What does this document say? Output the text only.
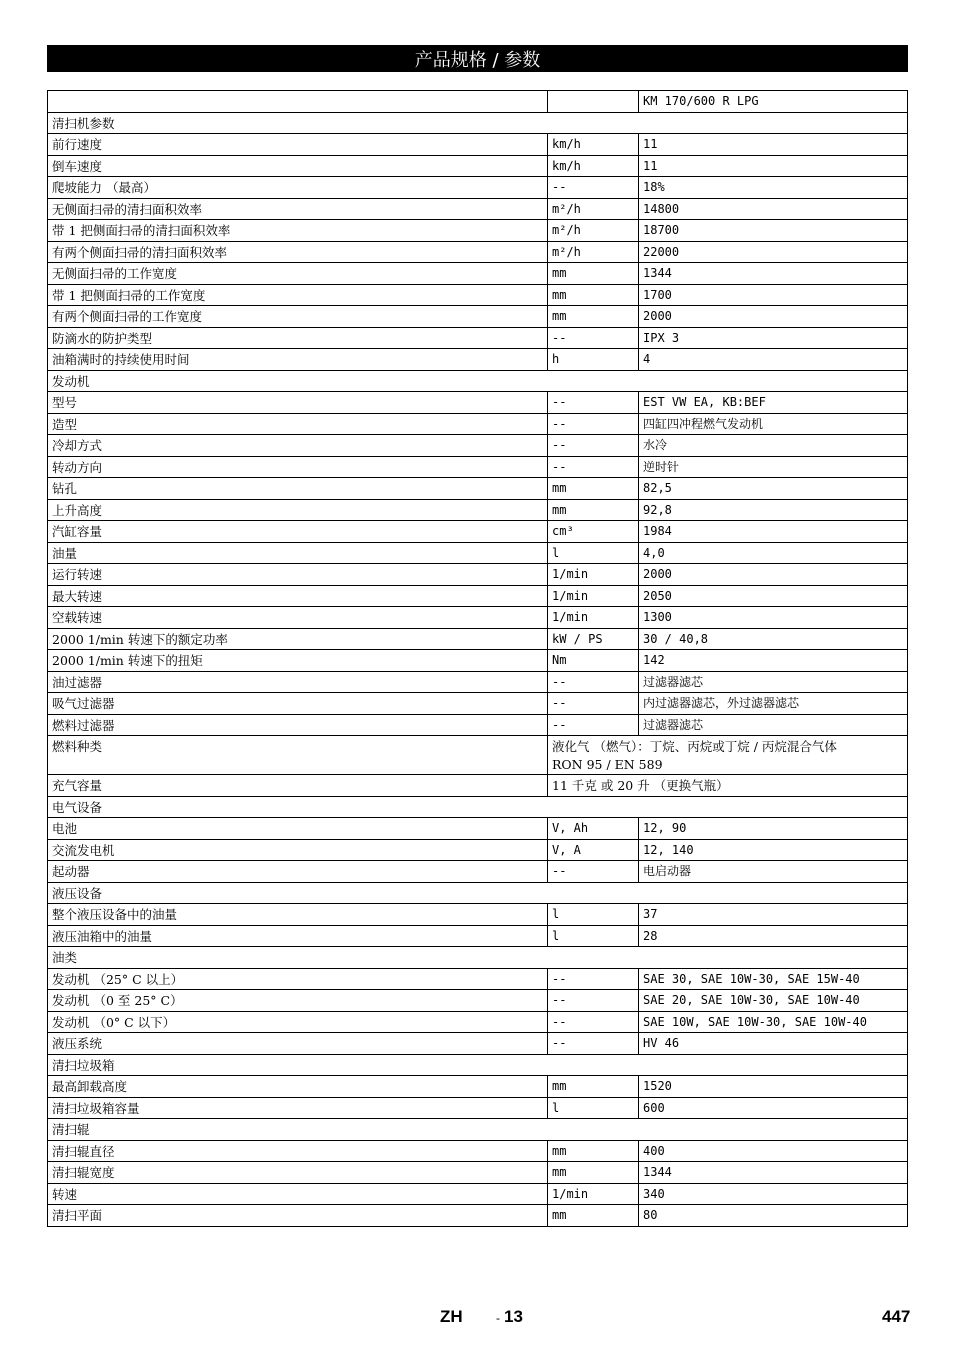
产品规格 / 参数
		KM 170/600 R LPG
清扫机参数		
前行速度	km/h	11
倒车速度	km/h	11
爬坡能力 （最高）	--	18%
无侧面扫帚的清扫面积效率	m²/h	14800
带 1 把侧面扫帚的清扫面积效率	m²/h	18700
有两个侧面扫帚的清扫面积效率	m²/h	22000
无侧面扫帚的工作宽度	mm	1344
带 1 把侧面扫帚的工作宽度	mm	1700
有两个侧面扫帚的工作宽度	mm	2000
防滴水的防护类型	--	IPX 3
油箱满时的持续使用时间	h	4
发动机		
型号	--	EST VW EA, KB:BEF
造型	--	四缸四冲程燃气发动机
冷却方式	--	水冷
转动方向	--	逆时针
钻孔	mm	82,5
上升高度	mm	92,8
汽缸容量	cm³	1984
油量	l	4,0
运行转速	1/min	2000
最大转速	1/min	2050
空载转速	1/min	1300
2000 1/min 转速下的额定功率	kW / PS	30 / 40,8
2000 1/min 转速下的扭矩	Nm	142
油过滤器	--	过滤器滤芯
吸气过滤器	--	内过滤器滤芯，外过滤器滤芯
燃料过滤器	--	过滤器滤芯
燃料种类	液化气 （燃气）：丁烷、丙烷或丁烷 / 丙烷混合气体
RON 95 / EN 589	

充气容量	11 千克 或 20 升 （更换气瓶）	

电气设备		
电池	V, Ah	12, 90
交流发电机	V, A	12, 140
起动器	--	电启动器
液压设备		
整个液压设备中的油量	l	37
液压油箱中的油量	l	28
油类		
发动机 （25° C 以上）	--	SAE 30, SAE 10W-30, SAE 15W-40
发动机 （0 至 25° C）	--	SAE 20, SAE 10W-30, SAE 10W-40
发动机 （0° C 以下）	--	SAE 10W, SAE 10W-30, SAE 10W-40
液压系统	--	HV 46
清扫垃圾箱		
最高卸载高度	mm	1520
清扫垃圾箱容量	l	600
清扫辊		
清扫辊直径	mm	400
清扫辊宽度	mm	1344
转速	1/min	340
清扫平面	mm	80
ZH	- 13	447
